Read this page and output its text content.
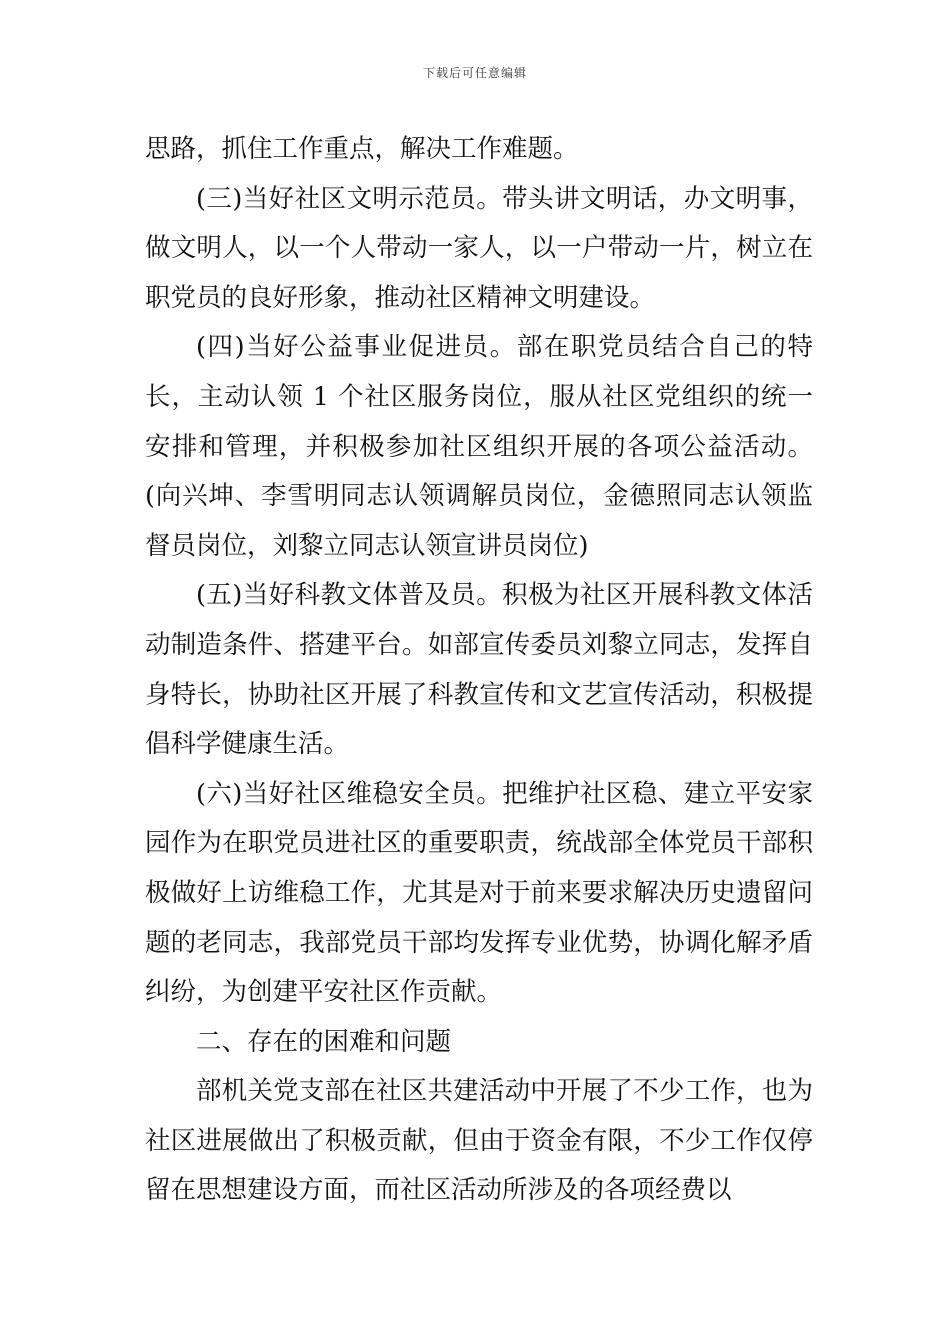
下载后可任意编辑

思路，抓住工作重点，解决工作难题。

(三)当好社区文明示范员。带头讲文明话，办文明事，做文明人，以一个人带动一家人，以一户带动一片，树立在职党员的良好形象，推动社区精神文明建设。

(四)当好公益事业促进员。部在职党员结合自己的特长，主动认领 1 个社区服务岗位，服从社区党组织的统一安排和管理，并积极参加社区组织开展的各项公益活动。(向兴坤、李雪明同志认领调解员岗位，金德照同志认领监督员岗位，刘黎立同志认领宣讲员岗位)

(五)当好科教文体普及员。积极为社区开展科教文体活动制造条件、搭建平台。如部宣传委员刘黎立同志，发挥自身特长，协助社区开展了科教宣传和文艺宣传活动，积极提倡科学健康生活。

(六)当好社区维稳安全员。把维护社区稳、建立平安家园作为在职党员进社区的重要职责，统战部全体党员干部积极做好上访维稳工作，尤其是对于前来要求解决历史遗留问题的老同志，我部党员干部均发挥专业优势，协调化解矛盾纠纷，为创建平安社区作贡献。

二、存在的困难和问题

部机关党支部在社区共建活动中开展了不少工作，也为社区进展做出了积极贡献，但由于资金有限，不少工作仅停留在思想建设方面，而社区活动所涉及的各项经费以
